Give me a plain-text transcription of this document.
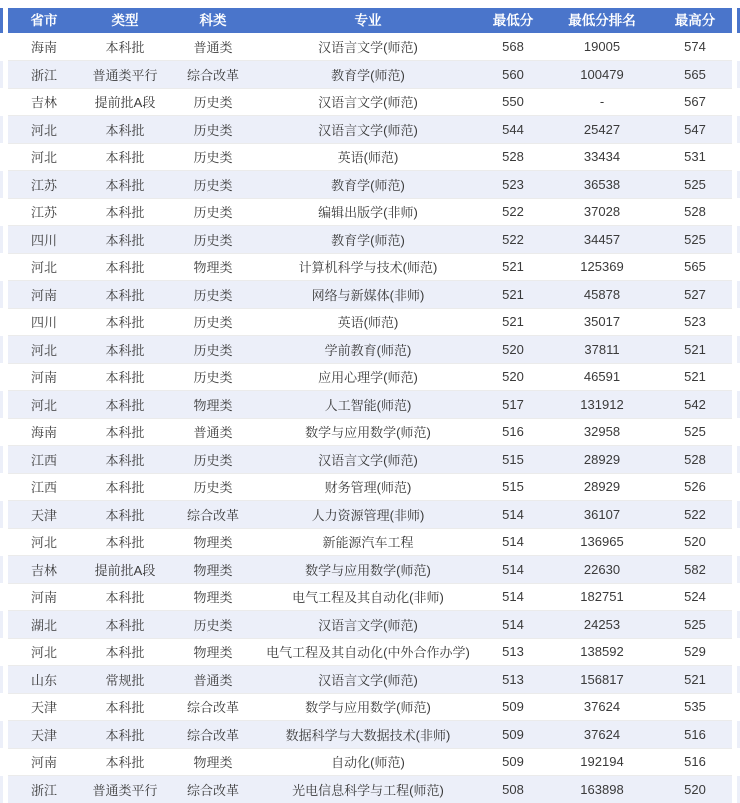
省市	类型	科类	专业	最低分	最低分排名	最高分
海南	本科批	普通类	汉语言文学(师范)	568	19005	574
浙江	普通类平行	综合改革	教育学(师范)	560	100479	565
吉林	提前批A段	历史类	汉语言文学(师范)	550	-	567
河北	本科批	历史类	汉语言文学(师范)	544	25427	547
河北	本科批	历史类	英语(师范)	528	33434	531
江苏	本科批	历史类	教育学(师范)	523	36538	525
江苏	本科批	历史类	编辑出版学(非师)	522	37028	528
四川	本科批	历史类	教育学(师范)	522	34457	525
河北	本科批	物理类	计算机科学与技术(师范)	521	125369	565
河南	本科批	历史类	网络与新媒体(非师)	521	45878	527
四川	本科批	历史类	英语(师范)	521	35017	523
河北	本科批	历史类	学前教育(师范)	520	37811	521
河南	本科批	历史类	应用心理学(师范)	520	46591	521
河北	本科批	物理类	人工智能(师范)	517	131912	542
海南	本科批	普通类	数学与应用数学(师范)	516	32958	525
江西	本科批	历史类	汉语言文学(师范)	515	28929	528
江西	本科批	历史类	财务管理(师范)	515	28929	526
天津	本科批	综合改革	人力资源管理(非师)	514	36107	522
河北	本科批	物理类	新能源汽车工程	514	136965	520
吉林	提前批A段	物理类	数学与应用数学(师范)	514	22630	582
河南	本科批	物理类	电气工程及其自动化(非师)	514	182751	524
湖北	本科批	历史类	汉语言文学(师范)	514	24253	525
河北	本科批	物理类	电气工程及其自动化(中外合作办学)	513	138592	529
山东	常规批	普通类	汉语言文学(师范)	513	156817	521
天津	本科批	综合改革	数学与应用数学(师范)	509	37624	535
天津	本科批	综合改革	数据科学与大数据技术(非师)	509	37624	516
河南	本科批	物理类	自动化(师范)	509	192194	516
浙江	普通类平行	综合改革	光电信息科学与工程(师范)	508	163898	520
